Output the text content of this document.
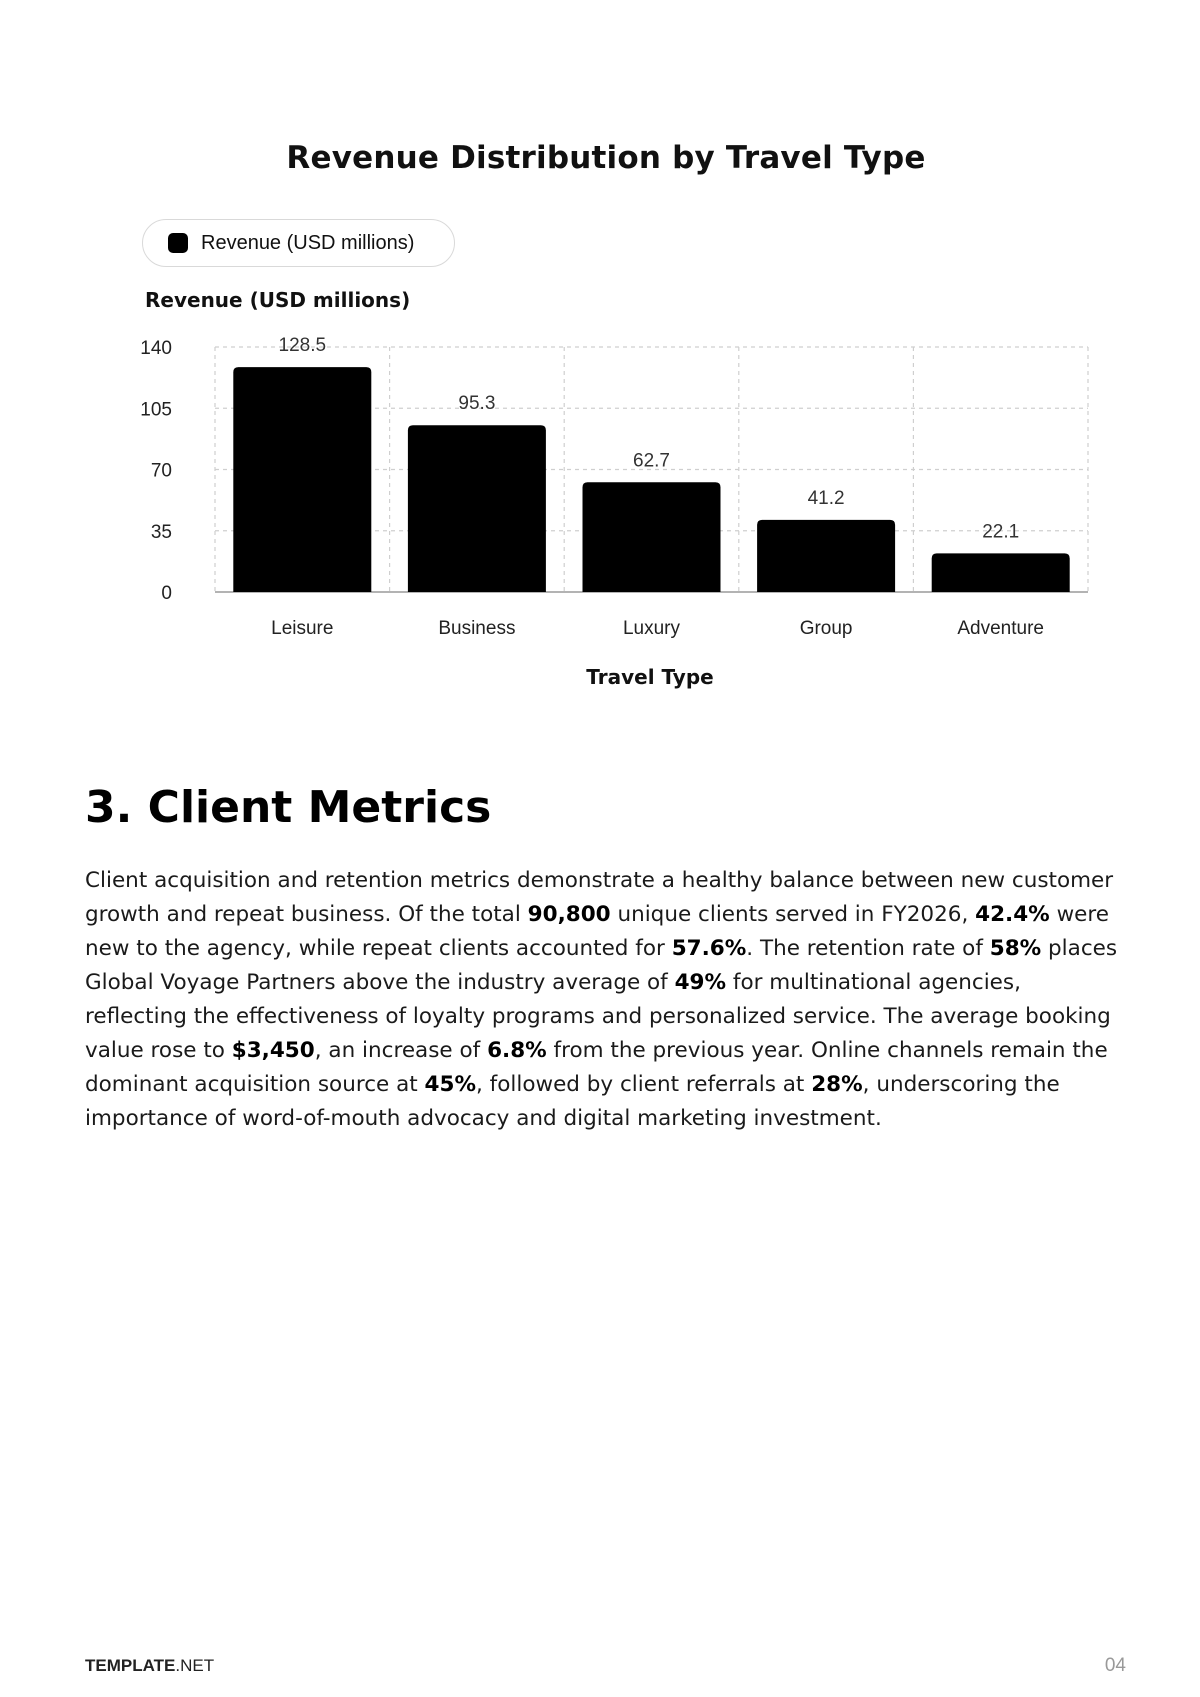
Revenue Distribution by Travel Type
Revenue (USD millions)
0
35
70
105
140	128.5
Leisure
95.3
Business
62.7
Luxury
41.2
Group
22.1
Adventure
Revenue (USD millions)
Travel Type
3. Client Metrics

Client acquisition and retention metrics demonstrate a healthy balance between new customer growth and repeat business. Of the total 90,800 unique clients served in FY2026, 42.4% were new to the agency, while repeat clients accounted for 57.6%. The retention rate of 58% places Global Voyage Partners above the industry average of 49% for multinational agencies, reflecting the effectiveness of loyalty programs and personalized service. The average booking value rose to $3,450, an increase of 6.8% from the previous year. Online channels remain the dominant acquisition source at 45%, followed by client referrals at 28%, underscoring the importance of word-of-mouth advocacy and digital marketing investment.

TEMPLATE.NET	04
